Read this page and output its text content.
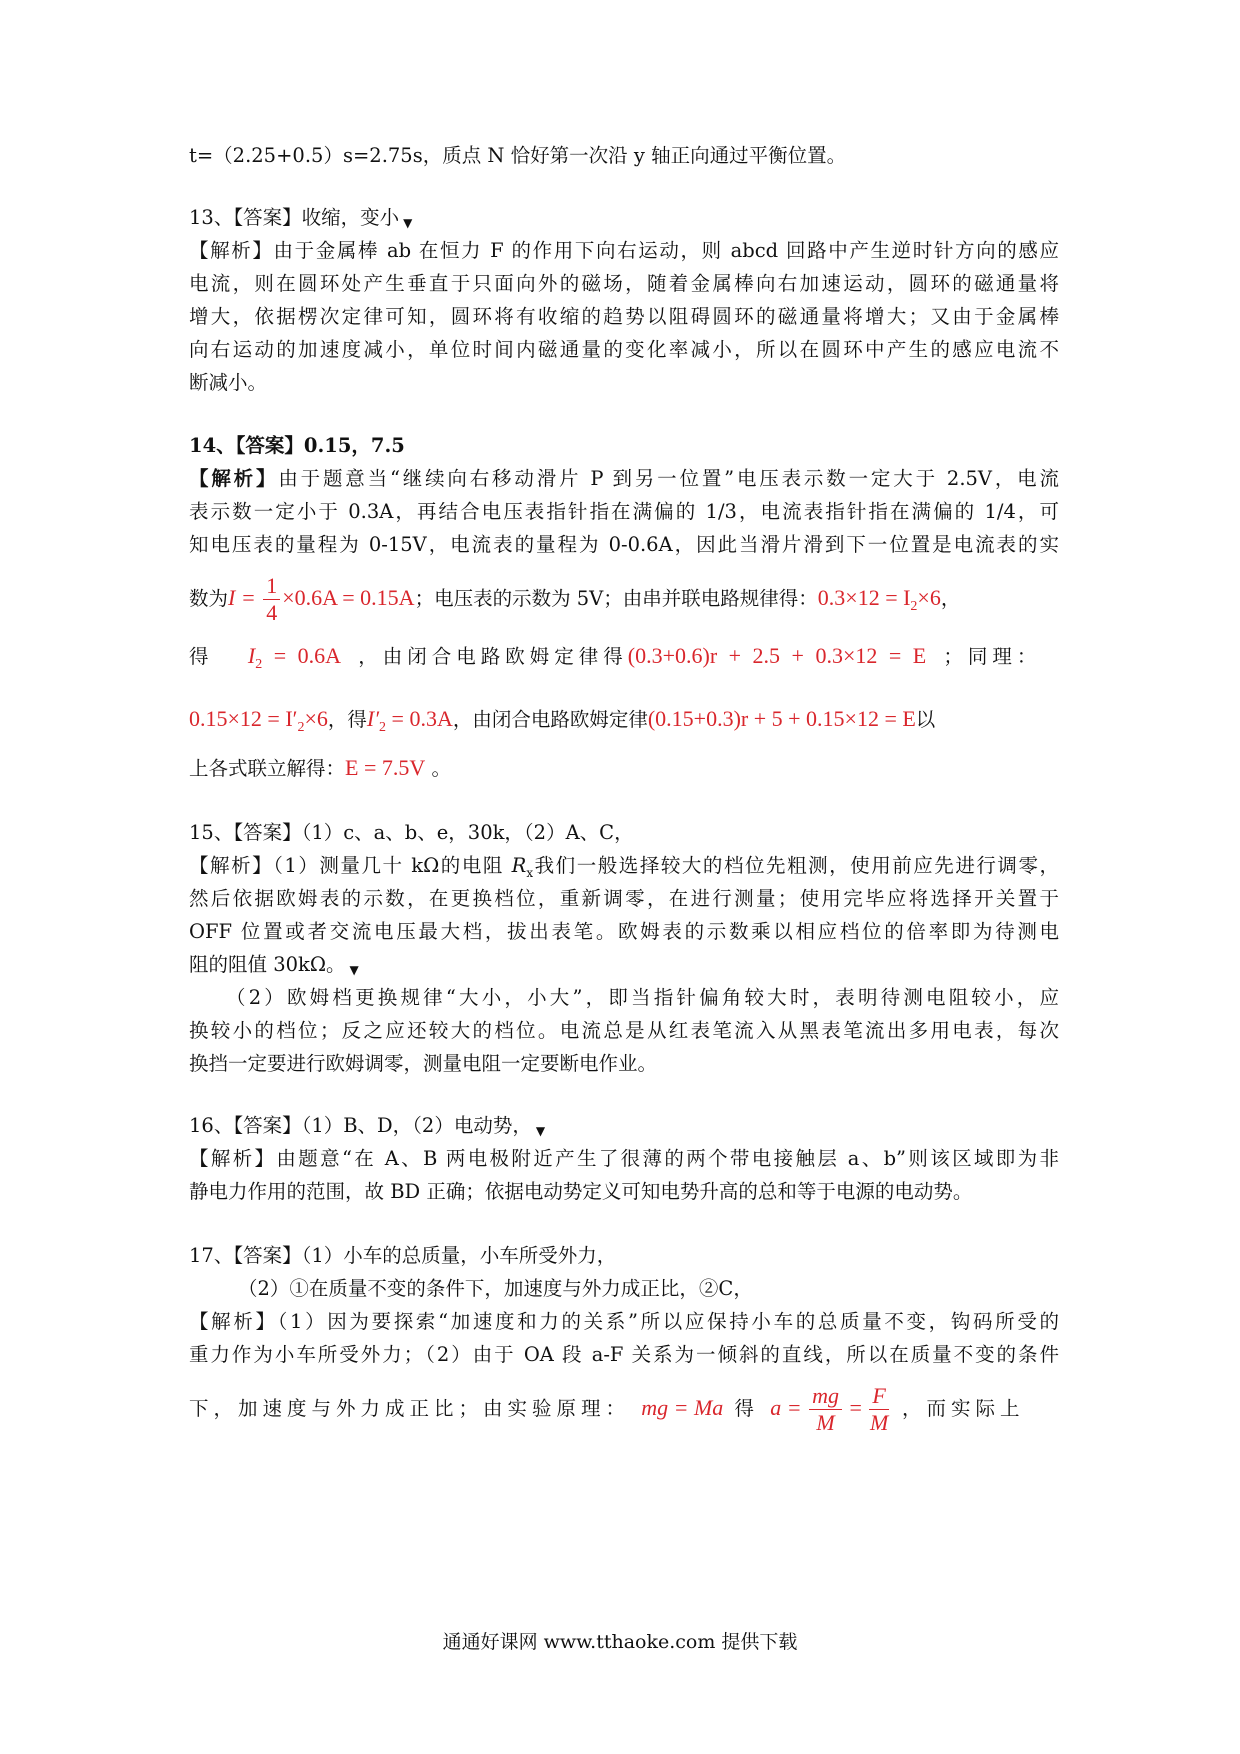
t=（2.25+0.5）s=2.75s，质点 N 恰好第一次沿 y 轴正向通过平衡位置。
13、【答案】收缩，变小 ▼
【解析】由于金属棒 ab 在恒力 F 的作用下向右运动，则 abcd 回路中产生逆时针方向的感应
电流，则在圆环处产生垂直于只面向外的磁场，随着金属棒向右加速运动，圆环的磁通量将
增大，依据楞次定律可知，圆环将有收缩的趋势以阻碍圆环的磁通量将增大；又由于金属棒
向右运动的加速度减小，单位时间内磁通量的变化率减小，所以在圆环中产生的感应电流不
断减小。
14、【答案】0.15，7.5
【解析】由于题意当“继续向右移动滑片 P 到另一位置”电压表示数一定大于 2.5V，电流
表示数一定小于 0.3A，再结合电压表指针指在满偏的 1/3，电流表指针指在满偏的 1/4，可
知电压表的量程为 0-15V，电流表的量程为 0-0.6A，因此当滑片滑到下一位置是电流表的实
数为$I = \frac{1}{4} \times 0.6A = 0.15A$；电压表的示数为 5V；由串并联电路规律得：$0.3\times 12 = I_2\times 6$，
得 $I_2 = 0.6A$ ，由闭合电路欧姆定律得(0.3+0.6)r + 2.5 + 0.3×12 = E ；同理：
$0.15\times 12 = I'_2\times 6$，得$I'_2 = 0.3A$，由闭合电路欧姆定律(0.15+0.3)r + 5 + 0.15×12 = E以
上各式联立解得：E = 7.5V 。
15、【答案】（1）c、a、b、e，30k，（2）A、C，
【解析】（1）测量几十 kΩ的电阻 $R_x$我们一般选择较大的档位先粗测，使用前应先进行调零，
然后依据欧姆表的示数，在更换档位，重新调零，在进行测量；使用完毕应将选择开关置于
OFF 位置或者交流电压最大档，拔出表笔。欧姆表的示数乘以相应档位的倍率即为待测电
阻的阻值 30kΩ。 ▼
（2）欧姆档更换规律“大小，小大”，即当指针偏角较大时，表明待测电阻较小，应
换较小的档位；反之应还较大的档位。电流总是从红表笔流入从黑表笔流出多用电表，每次
换挡一定要进行欧姆调零，测量电阻一定要断电作业。
16、【答案】（1）B、D，（2）电动势， ▼
【解析】由题意“在 A、B 两电极附近产生了很薄的两个带电接触层 a、b”则该区域即为非
静电力作用的范围，故 BD 正确；依据电动势定义可知电势升高的总和等于电源的电动势。
17、【答案】（1）小车的总质量，小车所受外力，
（2）①在质量不变的条件下，加速度与外力成正比，②C，
【解析】（1）因为要探索“加速度和力的关系”所以应保持小车的总质量不变，钩码所受的
重力作为小车所受外力；（2）由于 OA 段 a-F 关系为一倾斜的直线，所以在质量不变的条件
下，加速度与外力成正比；由实验原理： mg = Ma 得 $a = \frac{mg}{M} = \frac{F}{M}$ ，而实际上
通通好课网 www.tthaoke.com 提供下载
